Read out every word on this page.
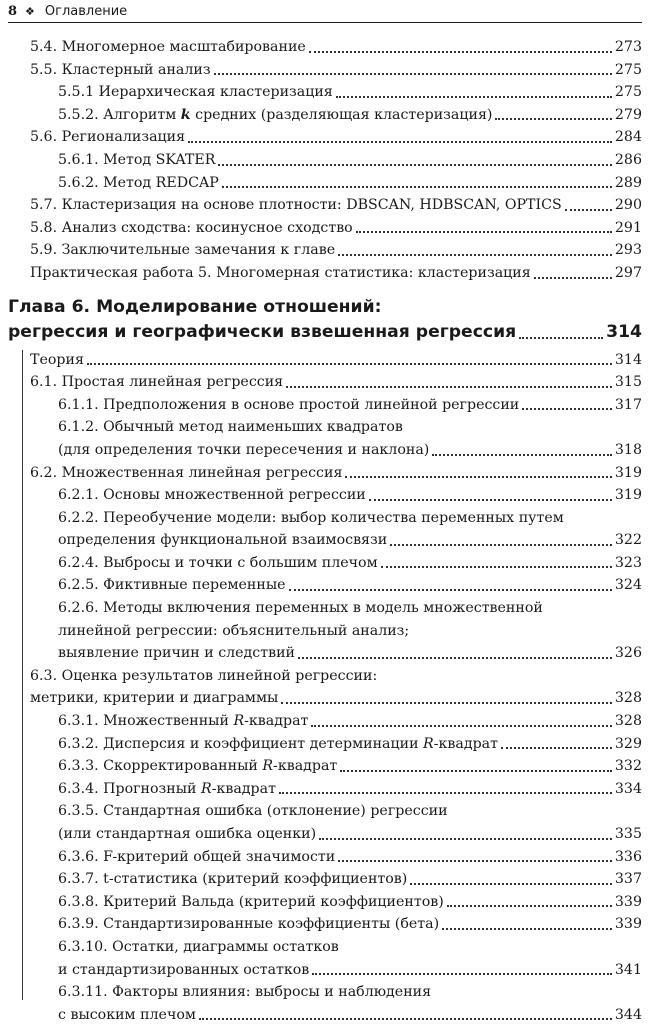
8 ❖ Оглавление
5.4. Многомерное масштабирование	273
5.5. Кластерный анализ	275
5.5.1 Иерархическая кластеризация	275
5.5.2. Алгоритм k средних (разделяющая кластеризация)	279
5.6. Регионализация	284
5.6.1. Метод SKATER	286
5.6.2. Метод REDCAP	289
5.7. Кластеризация на основе плотности: DBSCAN, HDBSCAN, OPTICS	290
5.8. Анализ сходства: косинусное сходство	291
5.9. Заключительные замечания к главе	293
Практическая работа 5. Многомерная статистика: кластеризация	297
Глава 6. Моделирование отношений:
регрессия и географически взвешенная регрессия	314
Теория	314
6.1. Простая линейная регрессия	315
6.1.1. Предположения в основе простой линейной регрессии	317
6.1.2. Обычный метод наименьших квадратов
(для определения точки пересечения и наклона)	318
6.2. Множественная линейная регрессия	319
6.2.1. Основы множественной регрессии	319
6.2.2. Переобучение модели: выбор количества переменных путем
определения функциональной взаимосвязи	322
6.2.4. Выбросы и точки с большим плечом	323
6.2.5. Фиктивные переменные	324
6.2.6. Методы включения переменных в модель множественной
линейной регрессии: объяснительный анализ;
выявление причин и следствий	326
6.3. Оценка результатов линейной регрессии:
метрики, критерии и диаграммы	328
6.3.1. Множественный R-квадрат	328
6.3.2. Дисперсия и коэффициент детерминации R-квадрат	329
6.3.3. Скорректированный R-квадрат	332
6.3.4. Прогнозный R-квадрат	334
6.3.5. Стандартная ошибка (отклонение) регрессии
(или стандартная ошибка оценки)	335
6.3.6. F-критерий общей значимости	336
6.3.7. t-статистика (критерий коэффициентов)	337
6.3.8. Критерий Вальда (критерий коэффициентов)	339
6.3.9. Стандартизированные коэффициенты (бета)	339
6.3.10. Остатки, диаграммы остатков
и стандартизированных остатков	341
6.3.11. Факторы влияния: выбросы и наблюдения
с высоким плечом	344
